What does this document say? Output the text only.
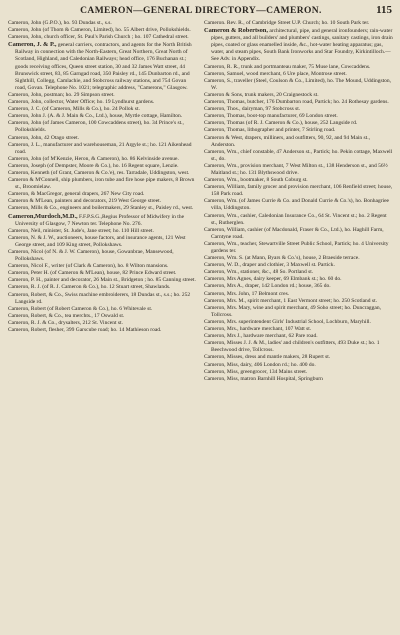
CAMERON—GENERAL DIRECTORY—CAMERON.	115

Cameron, John (G.P.O.), ho. 93 Dundas st., s.s.

Cameron, John (of Thom & Cameron, Limited), ho. 55 Albert drive, Pollokshields.

Cameron, John, church officer, St. Paul's Parish Church ; ho. 107 Cathedral street.

Cameron, J. & P., general carriers, contractors, and agents for the North British Railway in connection with the North-Eastern, Great Northern, Great North of Scotland, Highland, and Caledonian Railways; head office, 176 Buchanan st.; goods receiving offices, Queen street station, 30 and 32 James Watt street, 44 Brunswick street, 83, 85 Garngad road, 350 Paisley rd., 145 Dunbarton rd., and Sighthill, Collegg, Camlachie, and Stobcross railway stations, and 754 Govan road, Govan. Telephone No. 1021; telegraphic address, "Camerons," Glasgow.

Cameron, John, postman; ho. 29 Simpson street.

Cameron, John, collector, Water Office; ho. 19 Lyndhurst gardens.

Cameron, J. C. (of Cameron, Mills & Co.), ho. 24 Pollok st.

Cameron, John J. (A. & J. Main & Co., Ltd.), house, Myrtle cottage, Hamilton.

Cameron, John (of James Cameron, 100 Cowcaddens street), ho. 34 Prince's st., Pollokshields.

Cameron, John, 42 Otago street.

Cameron, J. L., manufacturer and warehouseman, 21 Argyle st.; ho. 121 Aikenhead road.

Cameron, John (of M'Kenzie, Heron, & Cameron), ho. 86 Kelvinside avenue.

Cameron, Joseph (of Dempster, Moore & Co.), ho. 16 Regent square, Lenzie.

Cameron, Kenneth (of Grant, Cameron & Co.'e), res. Tarradale, Uddingston, west.

Cameron & M'Connell, ship plumbers, iron tube and fire hose pipe makers, 8 Brown st., Broomielaw.

Cameron, & MacGregor, general drapers, 267 New City road.

Cameron & M'Lean, painters and decorators, 219 West George street.

Cameron, Mills & Co., engineers and boilermakers, 29 Stanley st., Paisley rd., west.

Cameron,Murdoch,M.D., F.F.P.S.G.,Regius Professor of Midwifery in the University of Glasgow, 7 Newton ter. Telephone No. 276.

Cameron, Neil, minister, St. Jude's, Jane street; ho. 110 Hill street.

Cameron, N. & J. W., auctioneers, house factors, and insurance agents, 121 West George street, and 109 King street, Pollokshaws.

Cameron, Nicol (of N. & J. W. Cameron), house, Gowanbrae, Mansewood, Pollokshaws.

Cameron, Nicol F., writer (of Clark & Cameron), ho. 8 Wilton mansions.

Cameron, Peter H. (of Cameron & M'Lean), house, 82 Prince Edward street.

Cameron, P. H., painter and decorator, 26 Main st., Bridgeton ; ho. 85 Canning street.

Cameron, R. J. (of R. J. Cameron & Co.), ho. 12 Stuart street, Shawlands.

Cameron, Robert, & Co., Swiss machine embroiderers, 18 Dundas st., s.s.; ho. 252 Langside rd.

Cameron, Robert (of Robert Cameron & Co.), ho. 6 Whitevale st.

Cameron, Robert, & Co., tea merchts., 17 Oswald st.

Cameron, R. J. & Co., drysalters, 212 St. Vincent st.

Cameron, Robert, flesher, 399 Garscube road; ho. 14 Mathieson road.

Cameron. Rev. R., of Cambridge Street U.P. Church; ho. 10 South Park ter.

Cameron & Robertson, architectural, pipe, and general ironfounders; rain-water pipes, gutters, and all builders' and plumbers' castings, sanitary castings, iron drain pipes, coated or glass enamelled inside, &c., hot-water heating apparatus; gas, water, and steam pipes, South Bank Ironworks and Star Foundry, Kirkintilloch.—See Adv. in Appendix.

Cameron, R. R., trunk and portmanteau maker, 75 Muse lane, Cowcaddens.

Cameron, Samuel, wood merchant, 6 Ure place, Montrose street.

Cameron, S., traveller (Steel, Coulson & Co., Limited), ho. The Mound, Uddingston, W.

Cameron & Sons, trunk makers, 20 Craignestock st.

Cameron, Thomas, butcher, 176 Dumbarton road, Partick; ho. 24 Rothesay gardens.

Cameron, Thos., dairyman, 97 Stobcross st.

Cameron, Thomas, boot-top manufacturer, 69 London street.

Cameron, Thomas (of R. J. Cameron & Co.), house, 252 Langside rd.

Cameron, Thomas, lithographer and printer, 7 Stirling road.

Cameron & West, drapers, milliners, and outfitters, 90, 92, and 94 Main st., Anderston.

Cameron, Wm., chief constable, 47 Anderson st., Partick; ho. Pekin cottage, Maxwell st., do.

Cameron, Wm., provision merchant, 7 West Milton st., 138 Henderson st., and 56½ Maitland st.; ho. 131 Blythswood drive.

Cameron, Wm., bootmaker, 8 South Coburg st.

Cameron, William, family grocer and provision merchant, 106 Renfield street; house, 158 Park road.

Cameron, Wm. (of James Currie & Co. and Donald Currie & Co.'s), ho. Bonhagriee villa, Uddingston.

Cameron, Wm., cashier, Caledonian Insurance Co., 64 St. Vincent st.; ho. 2 Regent st., Rutherglen.

Cameron, William, cashier (of Macdonald, Fraser & Co., Ltd.), ho. Haghill Farm, Carntyne road.

Cameron, Wm., teacher, Stewartville Street Public School, Partick; ho. 4 University gardens ter.

Cameron, Wm. S. (at Mann, Byars & Co.'s), house, 2 Braeside terrace.

Cameron, W. D., draper and clothier, 3 Maxwell st. Partick.

Cameron, Wm., stationer, &c., 48 So. Portland st.

Cameron, Mrs Agnes, dairy keeper, 69 Elmbank st.; ho. 60 do.

Cameron, Mrs A., draper, 142 London rd.; house, 365 do.

Cameron, Mrs. John, 17 Belmont cres.

Cameron, Mrs. M., spirit merchant, 1 East Vermont street; ho. 250 Scotland st.

Cameron, Mrs. Mary, wine and spirit merchant, 49 Soho street; ho. Duncraggan, Tollcross.

Cameron, Mrs. superintendent Girls' Industrial School, Lochburn, Maryhill.

Cameron, Mrs., hardware merchant, 107 Watt st.

Cameron, Mrs J., hardware merchant, 62 Pare road.

Cameron, Misses J. J. & M., ladies' and children's outfitters, 493 Duke st.; ho. 1 Beechwood drive, Tollcross.

Cameron, Misses, dress and mantle makers, 28 Rupert st.

Cameron, Miss, dairy, 406 London rd.; ho. 400 do.

Cameron, Miss, greengrocer, 134 Mains street.

Cameron, Miss, matron Barnhill Hospital, Springburn
